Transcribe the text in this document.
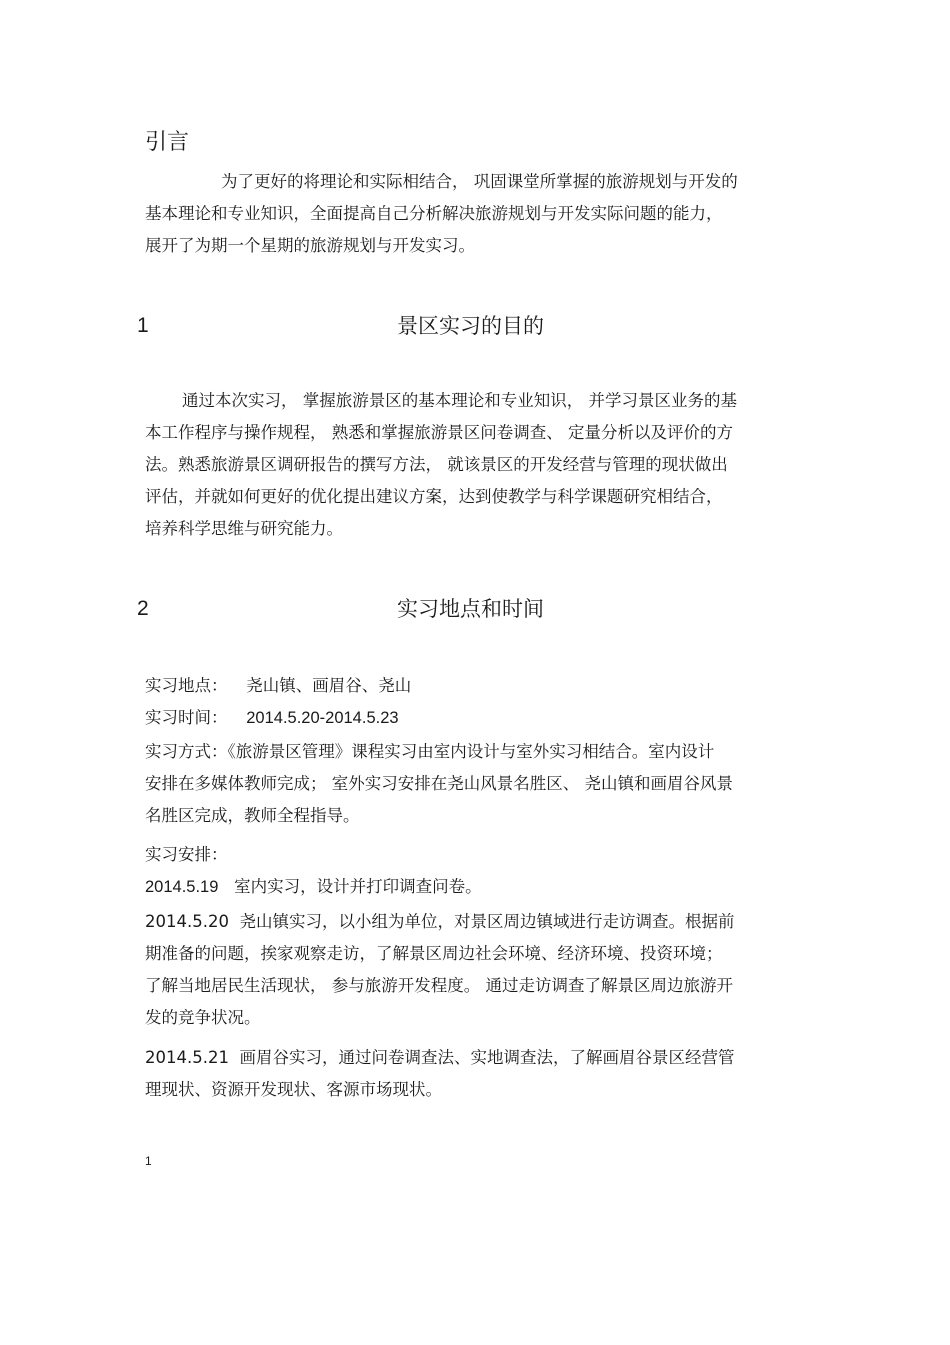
引言
为了更好的将理论和实际相结合， 巩固课堂所掌握的旅游规划与开发的
基本理论和专业知识，全面提高自己分析解决旅游规划与开发实际问题的能力，
展开了为期一个星期的旅游规划与开发实习。
1	景区实习的目的
通过本次实习， 掌握旅游景区的基本理论和专业知识， 并学习景区业务的基
本工作程序与操作规程， 熟悉和掌握旅游景区问卷调查、 定量分析以及评价的方
法。熟悉旅游景区调研报告的撰写方法， 就该景区的开发经营与管理的现状做出
评估，并就如何更好的优化提出建议方案，达到使教学与科学课题研究相结合，
培养科学思维与研究能力。
2	实习地点和时间
实习地点： 尧山镇、画眉谷、尧山
实习时间： 2014.5.20-2014.5.23
实习方式：《旅游景区管理》课程实习由室内设计与室外实习相结合。室内设计
安排在多媒体教师完成； 室外实习安排在尧山风景名胜区、 尧山镇和画眉谷风景
名胜区完成，教师全程指导。
实习安排：
2014.5.19 室内实习，设计并打印调查问卷。
2014.5.20 尧山镇实习，以小组为单位，对景区周边镇域进行走访调查。根据前
期准备的问题，挨家观察走访，了解景区周边社会环境、经济环境、投资环境；
了解当地居民生活现状， 参与旅游开发程度。 通过走访调查了解景区周边旅游开
发的竞争状况。
2014.5.21 画眉谷实习，通过问卷调查法、实地调查法，了解画眉谷景区经营管
理现状、资源开发现状、客源市场现状。
1
